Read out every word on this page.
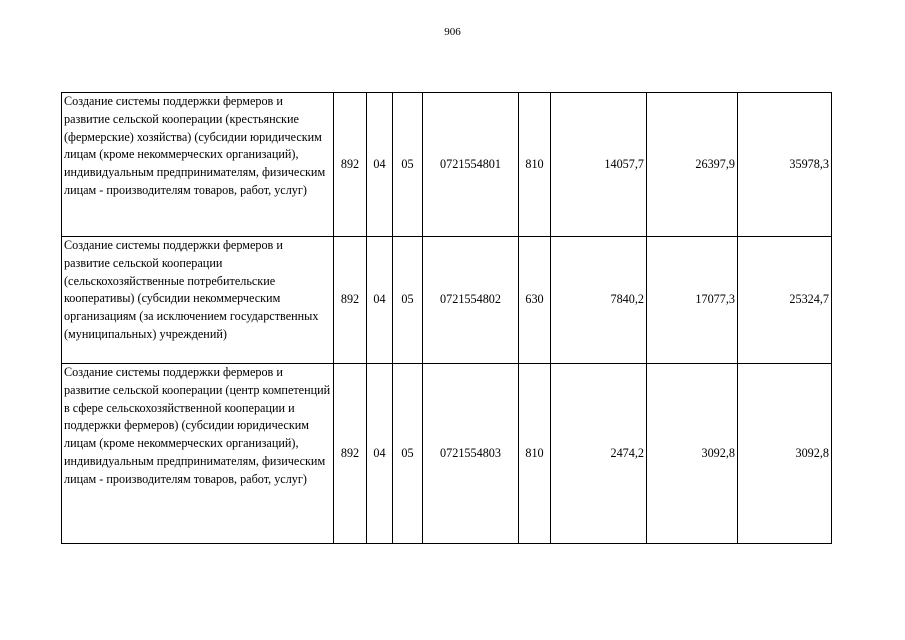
906
Создание системы поддержки фермеров и развитие сельской кооперации (крестьянские (фермерские) хозяйства) (субсидии юридическим лицам (кроме некоммерческих организаций), индивидуальным предпринимателям, физическим лицам - производителям товаров, работ, услуг)	892	04	05	0721554801	810	14057,7	26397,9	35978,3
Создание системы поддержки фермеров и развитие сельской кооперации (сельскохозяйственные потребительские кооперативы) (субсидии некоммерческим организациям (за исключением государственных (муниципальных) учреждений)	892	04	05	0721554802	630	7840,2	17077,3	25324,7
Создание системы поддержки фермеров и развитие сельской кооперации (центр компетенций в сфере сельскохозяйственной кооперации и поддержки фермеров) (субсидии юридическим лицам (кроме некоммерческих организаций), индивидуальным предпринимателям, физическим лицам - производителям товаров, работ, услуг)	892	04	05	0721554803	810	2474,2	3092,8	3092,8
